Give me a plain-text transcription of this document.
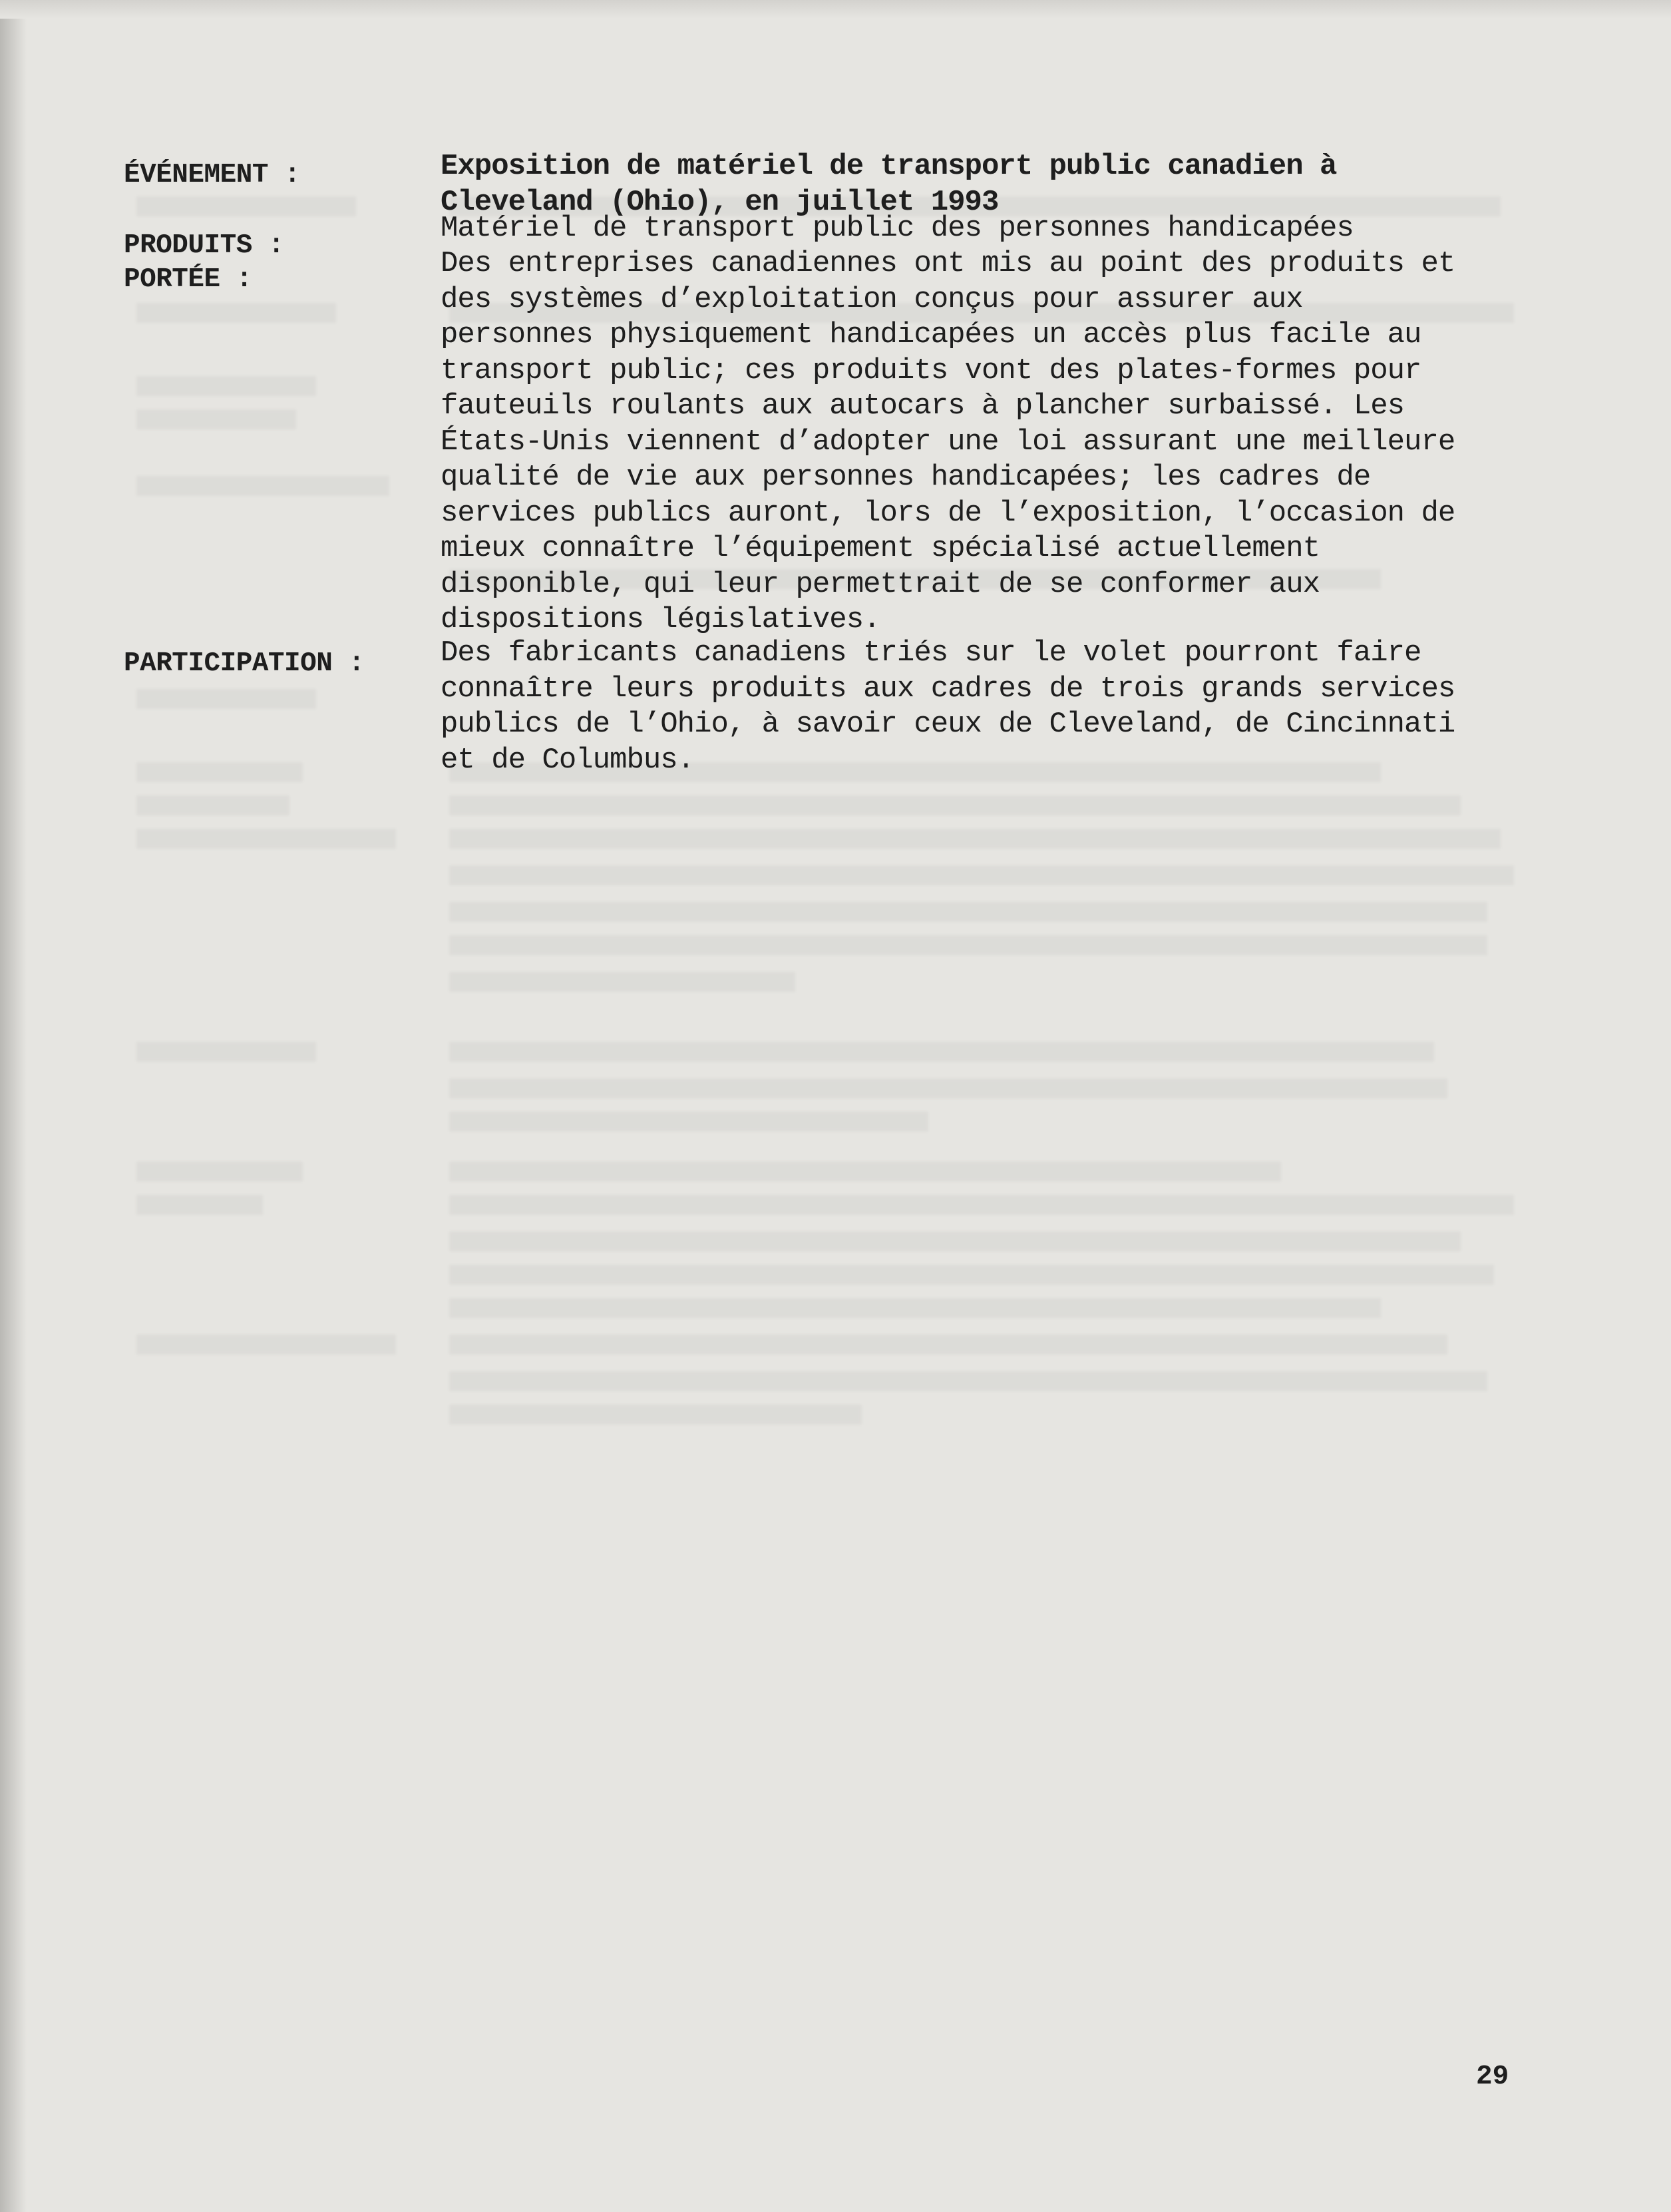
ÉVÉNEMENT :	Exposition de matériel de transport public canadien à
Cleveland (Ohio), en juillet 1993
PRODUITS :
Matériel de transport public des personnes handicapées
PORTÉE :	Des entreprises canadiennes ont mis au point des produits et
des systèmes d’exploitation conçus pour assurer aux
personnes physiquement handicapées un accès plus facile au
transport public; ces produits vont des plates-formes pour
fauteuils roulants aux autocars à plancher surbaissé. Les
États-Unis viennent d’adopter une loi assurant une meilleure
qualité de vie aux personnes handicapées; les cadres de
services publics auront, lors de l’exposition, l’occasion de
mieux connaître l’équipement spécialisé actuellement
disponible, qui leur permettrait de se conformer aux
dispositions législatives.
PARTICIPATION :	Des fabricants canadiens triés sur le volet pourront faire
connaître leurs produits aux cadres de trois grands services
publics de l’Ohio, à savoir ceux de Cleveland, de Cincinnati
et de Columbus.
29
